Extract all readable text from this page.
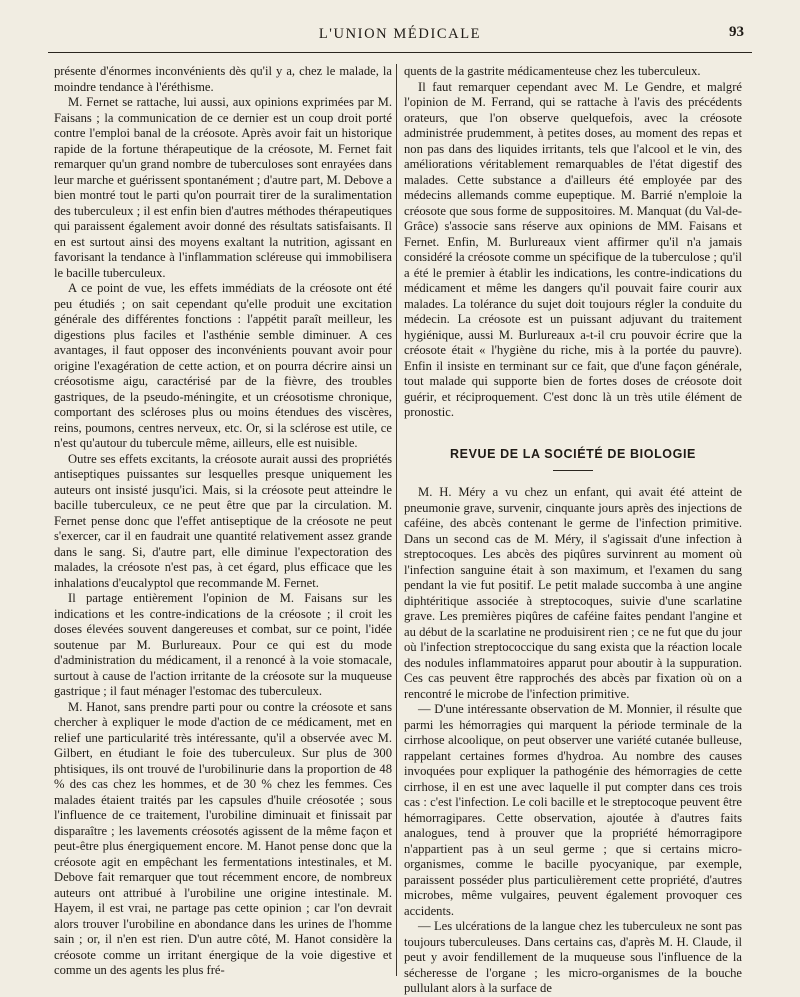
L'UNION MÉDICALE	93

présente d'énormes inconvénients dès qu'il y a, chez le malade, la moindre tendance à l'éréthisme.

M. Fernet se rattache, lui aussi, aux opinions exprimées par M. Faisans ; la communication de ce dernier est un coup droit porté contre l'emploi banal de la créosote. Après avoir fait un historique rapide de la fortune thérapeutique de la créosote, M. Fernet fait remarquer qu'un grand nombre de tuberculoses sont enrayées dans leur marche et guérissent spontanément ; d'autre part, M. Debove a bien montré tout le parti qu'on pourrait tirer de la suralimentation des tuberculeux ; il est enfin bien d'autres méthodes thérapeutiques qui paraissent également avoir donné des résultats satisfaisants. Il en est surtout ainsi des moyens exaltant la nutrition, agissant en favorisant la tendance à l'inflammation scléreuse qui immobilisera le bacille tuberculeux.

A ce point de vue, les effets immédiats de la créosote ont été peu étudiés ; on sait cependant qu'elle produit une excitation générale des différentes fonctions : l'appétit paraît meilleur, les digestions plus faciles et l'asthénie semble diminuer. A ces avantages, il faut opposer des inconvénients pouvant avoir pour origine l'exagération de cette action, et on pourra décrire ainsi un créosotisme aigu, caractérisé par de la fièvre, des troubles gastriques, de la pseudo-méningite, et un créosotisme chronique, comportant des scléroses plus ou moins étendues des viscères, reins, poumons, centres nerveux, etc. Or, si la sclérose est utile, ce n'est qu'autour du tubercule même, ailleurs, elle est nuisible.

Outre ses effets excitants, la créosote aurait aussi des propriétés antiseptiques puissantes sur lesquelles presque uniquement les auteurs ont insisté jusqu'ici. Mais, si la créosote peut atteindre le bacille tuberculeux, ce ne peut être que par la circulation. M. Fernet pense donc que l'effet antiseptique de la créosote ne peut s'exercer, car il en faudrait une quantité relativement assez grande dans le sang. Si, d'autre part, elle diminue l'expectoration des malades, la créosote n'est pas, à cet égard, plus efficace que les inhalations d'eucalyptol que recommande M. Fernet.

Il partage entièrement l'opinion de M. Faisans sur les indications et les contre-indications de la créosote ; il croit les doses élevées souvent dangereuses et combat, sur ce point, l'idée soutenue par M. Burlureaux. Pour ce qui est du mode d'administration du médicament, il a renoncé à la voie stomacale, surtout à cause de l'action irritante de la créosote sur la muqueuse gastrique ; il faut ménager l'estomac des tuberculeux.

M. Hanot, sans prendre parti pour ou contre la créosote et sans chercher à expliquer le mode d'action de ce médicament, met en relief une particularité très intéressante, qu'il a observée avec M. Gilbert, en étudiant le foie des tuberculeux. Sur plus de 300 phtisiques, ils ont trouvé de l'urobilinurie dans la proportion de 48 % des cas chez les hommes, et de 30 % chez les femmes. Ces malades étaient traités par les capsules d'huile créosotée ; sous l'influence de ce traitement, l'urobiline diminuait et finissait par disparaître ; les lavements créosotés agissent de la même façon et peut-être plus énergiquement encore. M. Hanot pense donc que la créosote agit en empêchant les fermentations intestinales, et M. Debove fait remarquer que tout récemment encore, de nombreux auteurs ont attribué à l'urobiline une origine intestinale. M. Hayem, il est vrai, ne partage pas cette opinion ; car l'on devrait alors trouver l'urobiline en abondance dans les urines de l'homme sain ; or, il n'en est rien. D'un autre côté, M. Hanot considère la créosote comme un irritant énergique de la voie digestive et comme un des agents les plus fré-

quents de la gastrite médicamenteuse chez les tuberculeux.

Il faut remarquer cependant avec M. Le Gendre, et malgré l'opinion de M. Ferrand, qui se rattache à l'avis des précédents orateurs, que l'on observe quelquefois, avec la créosote administrée prudemment, à petites doses, au moment des repas et non pas dans des liquides irritants, tels que l'alcool et le vin, des améliorations véritablement remarquables de l'état digestif des malades. Cette substance a d'ailleurs été employée par des médecins allemands comme eupeptique. M. Barrié n'emploie la créosote que sous forme de suppositoires. M. Manquat (du Val-de-Grâce) s'associe sans réserve aux opinions de MM. Faisans et Fernet. Enfin, M. Burlureaux vient affirmer qu'il n'a jamais considéré la créosote comme un spécifique de la tuberculose ; qu'il a été le premier à établir les indications, les contre-indications du médicament et même les dangers qu'il pouvait faire courir aux malades. La tolérance du sujet doit toujours régler la conduite du médecin. La créosote est un puissant adjuvant du traitement hygiénique, aussi M. Burlureaux a-t-il cru pouvoir écrire que la créosote était « l'hygiène du riche, mis à la portée du pauvre). Enfin il insiste en terminant sur ce fait, que d'une façon générale, tout malade qui supporte bien de fortes doses de créosote doit guérir, et réciproquement. C'est donc là un très utile élément de pronostic.

REVUE DE LA SOCIÉTÉ DE BIOLOGIE

M. H. Méry a vu chez un enfant, qui avait été atteint de pneumonie grave, survenir, cinquante jours après des injections de caféine, des abcès contenant le germe de l'infection primitive. Dans un second cas de M. Méry, il s'agissait d'une infection à streptocoques. Les abcès des piqûres survinrent au moment où l'infection sanguine était à son maximum, et l'examen du sang pendant la vie fut positif. Le petit malade succomba à une angine diphtéritique associée à streptocoques, suivie d'une scarlatine grave. Les premières piqûres de caféine faites pendant l'angine et au début de la scarlatine ne produisirent rien ; ce ne fut que du jour où l'infection streptococcique du sang exista que la réaction locale des nodules inflammatoires apparut pour aboutir à la suppuration. Ces cas peuvent être rapprochés des abcès par fixation où on a rencontré le microbe de l'infection primitive.

— D'une intéressante observation de M. Monnier, il résulte que parmi les hémorragies qui marquent la période terminale de la cirrhose alcoolique, on peut observer une variété cutanée bulleuse, rappelant certaines formes d'hydroa. Au nombre des causes invoquées pour expliquer la pathogénie des hémorragies de cette cirrhose, il en est une avec laquelle il put compter dans ces trois cas : c'est l'infection. Le coli bacille et le streptocoque peuvent être hémorragipares. Cette observation, ajoutée à d'autres faits analogues, tend à prouver que la propriété hémorragipore n'appartient pas à un seul germe ; que si certains micro-organismes, comme le bacille pyocyanique, par exemple, paraissent posséder plus particulièrement cette propriété, d'autres microbes, même vulgaires, peuvent également provoquer ces accidents.

— Les ulcérations de la langue chez les tuberculeux ne sont pas toujours tuberculeuses. Dans certains cas, d'après M. H. Claude, il peut y avoir fendillement de la muqueuse sous l'influence de la sécheresse de l'organe ; les micro-organismes de la bouche pullulant alors à la surface de
